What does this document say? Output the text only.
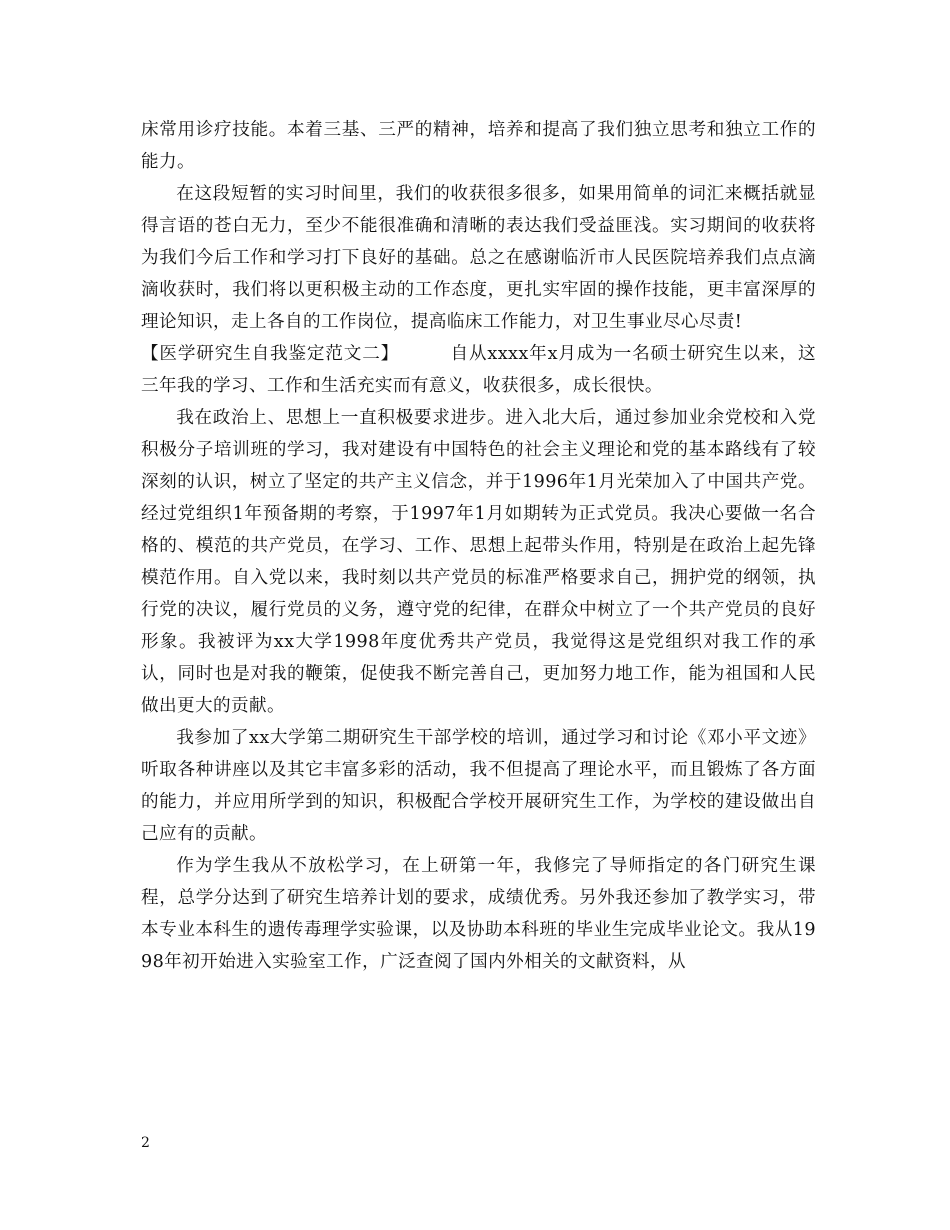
床常用诊疗技能。本着三基、三严的精神，培养和提高了我们独立思考和独立工作的能力。

在这段短暂的实习时间里，我们的收获很多很多，如果用简单的词汇来概括就显得言语的苍白无力，至少不能很准确和清晰的表达我们受益匪浅。实习期间的收获将为我们今后工作和学习打下良好的基础。总之在感谢临沂市人民医院培养我们点点滴滴收获时，我们将以更积极主动的工作态度，更扎实牢固的操作技能，更丰富深厚的理论知识，走上各自的工作岗位，提高临床工作能力，对卫生事业尽心尽责!

【医学研究生自我鉴定范文二】	自从xxxx年x月成为一名硕士研究生以来，这三年我的学习、工作和生活充实而有意义，收获很多，成长很快。

我在政治上、思想上一直积极要求进步。进入北大后，通过参加业余党校和入党积极分子培训班的学习，我对建设有中国特色的社会主义理论和党的基本路线有了较深刻的认识，树立了坚定的共产主义信念，并于1996年1月光荣加入了中国共产党。经过党组织1年预备期的考察，于1997年1月如期转为正式党员。我决心要做一名合格的、模范的共产党员，在学习、工作、思想上起带头作用，特别是在政治上起先锋模范作用。自入党以来，我时刻以共产党员的标准严格要求自己，拥护党的纲领，执行党的决议，履行党员的义务，遵守党的纪律，在群众中树立了一个共产党员的良好形象。我被评为xx大学1998年度优秀共产党员，我觉得这是党组织对我工作的承认，同时也是对我的鞭策，促使我不断完善自己，更加努力地工作，能为祖国和人民做出更大的贡献。

我参加了xx大学第二期研究生干部学校的培训，通过学习和讨论《邓小平文迹》听取各种讲座以及其它丰富多彩的活动，我不但提高了理论水平，而且锻炼了各方面的能力，并应用所学到的知识，积极配合学校开展研究生工作，为学校的建设做出自己应有的贡献。

作为学生我从不放松学习，在上研第一年，我修完了导师指定的各门研究生课程，总学分达到了研究生培养计划的要求，成绩优秀。另外我还参加了教学实习，带本专业本科生的遗传毒理学实验课，以及协助本科班的毕业生完成毕业论文。我从1998年初开始进入实验室工作，广泛查阅了国内外相关的文献资料，从

2
